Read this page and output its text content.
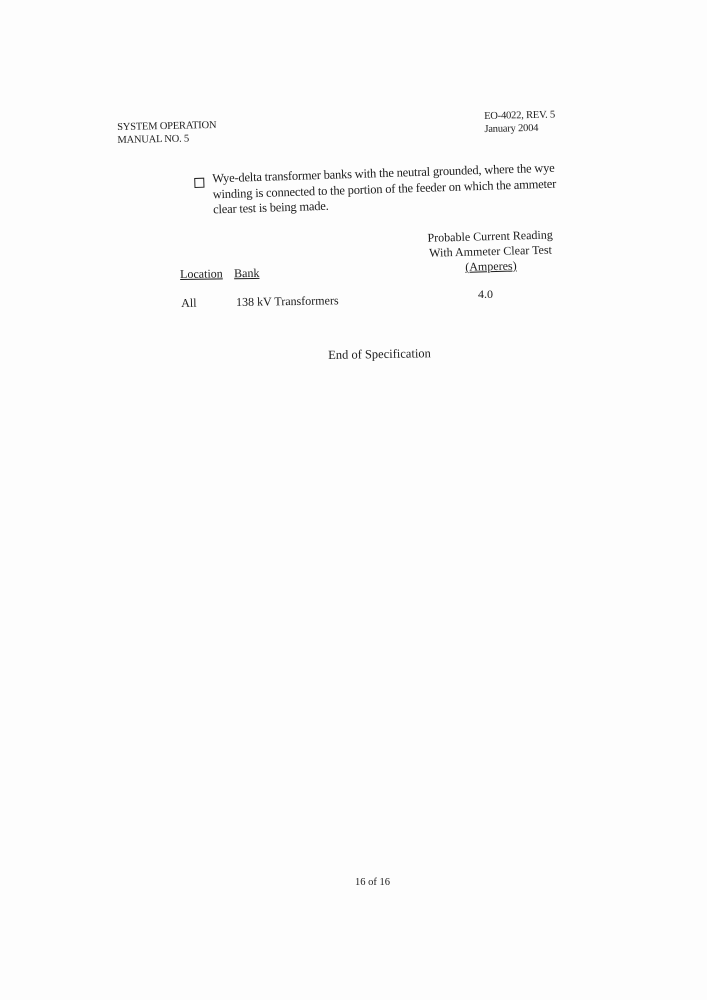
SYSTEM OPERATION
MANUAL NO. 5
EO-4022, REV. 5
January 2004
Wye-delta transformer banks with the neutral grounded, where the wye winding is connected to the portion of the feeder on which the ammeter clear test is being made.
Probable Current Reading
With Ammeter Clear Test
(Amperes)
Location Bank
All	138 kV Transformers	4.0
End of Specification
16 of 16
